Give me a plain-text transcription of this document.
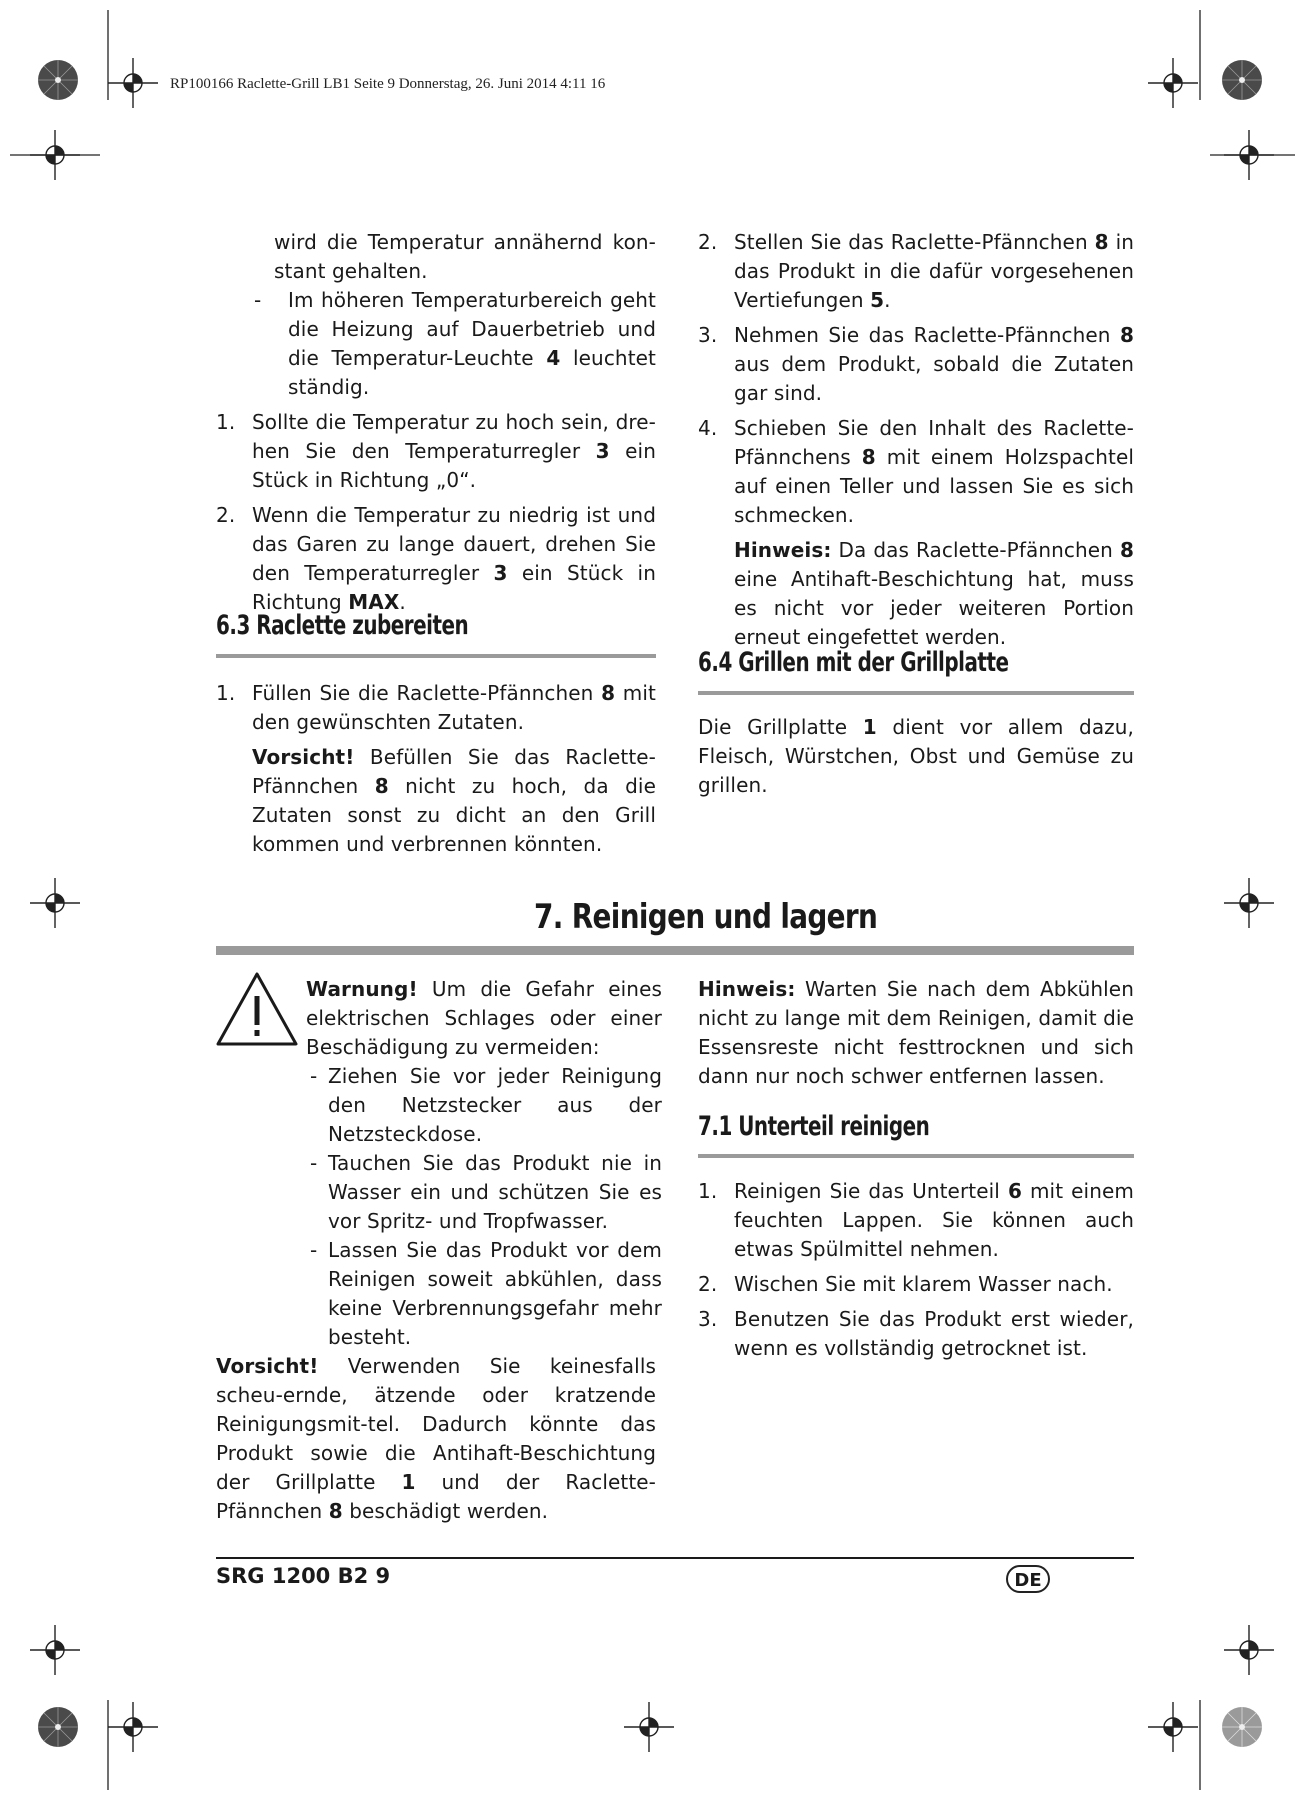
RP100166 Raclette-Grill LB1 Seite 9 Donnerstag, 26. Juni 2014 4:11 16

wird die Temperatur annähernd kon-stant gehalten.

- Im höheren Temperaturbereich geht die Heizung auf Dauerbetrieb und die Temperatur-Leuchte 4 leuchtet ständig.
1. Sollte die Temperatur zu hoch sein, dre-hen Sie den Temperaturregler 3 ein Stück in Richtung „0“.
2. Wenn die Temperatur zu niedrig ist und das Garen zu lange dauert, drehen Sie den Temperaturregler 3 ein Stück in Richtung MAX.
6.3 Raclette zubereiten
1. Füllen Sie die Raclette-Pfännchen 8 mit den gewünschten Zutaten.

Vorsicht! Befüllen Sie das Raclette-Pfännchen 8 nicht zu hoch, da die Zutaten sonst zu dicht an den Grill kommen und verbrennen könnten.

2. Stellen Sie das Raclette-Pfännchen 8 in das Produkt in die dafür vorgesehenen Vertiefungen 5.
3. Nehmen Sie das Raclette-Pfännchen 8 aus dem Produkt, sobald die Zutaten gar sind.
4. Schieben Sie den Inhalt des Raclette-Pfännchens 8 mit einem Holzspachtel auf einen Teller und lassen Sie es sich schmecken.

Hinweis: Da das Raclette-Pfännchen 8 eine Antihaft-Beschichtung hat, muss es nicht vor jeder weiteren Portion erneut eingefettet werden.

6.4 Grillen mit der Grillplatte

Die Grillplatte 1 dient vor allem dazu, Fleisch, Würstchen, Obst und Gemüse zu grillen.

7. Reinigen und lagern

Warnung! Um die Gefahr eines elektrischen Schlages oder einer Beschädigung zu vermeiden:

- Ziehen Sie vor jeder Reinigung den Netzstecker aus der Netzsteckdose.
- Tauchen Sie das Produkt nie in Wasser ein und schützen Sie es vor Spritz- und Tropfwasser.
- Lassen Sie das Produkt vor dem Reinigen soweit abkühlen, dass keine Verbrennungsgefahr mehr besteht.

Vorsicht! Verwenden Sie keinesfalls scheu-ernde, ätzende oder kratzende Reinigungsmit-tel. Dadurch könnte das Produkt sowie die Antihaft-Beschichtung der Grillplatte 1 und der Raclette-Pfännchen 8 beschädigt werden.

Hinweis: Warten Sie nach dem Abkühlen nicht zu lange mit dem Reinigen, damit die Essensreste nicht festtrocknen und sich dann nur noch schwer entfernen lassen.

7.1 Unterteil reinigen
1. Reinigen Sie das Unterteil 6 mit einem feuchten Lappen. Sie können auch etwas Spülmittel nehmen.
2. Wischen Sie mit klarem Wasser nach.
3. Benutzen Sie das Produkt erst wieder, wenn es vollständig getrocknet ist.
SRG 1200 B2 9	DE
